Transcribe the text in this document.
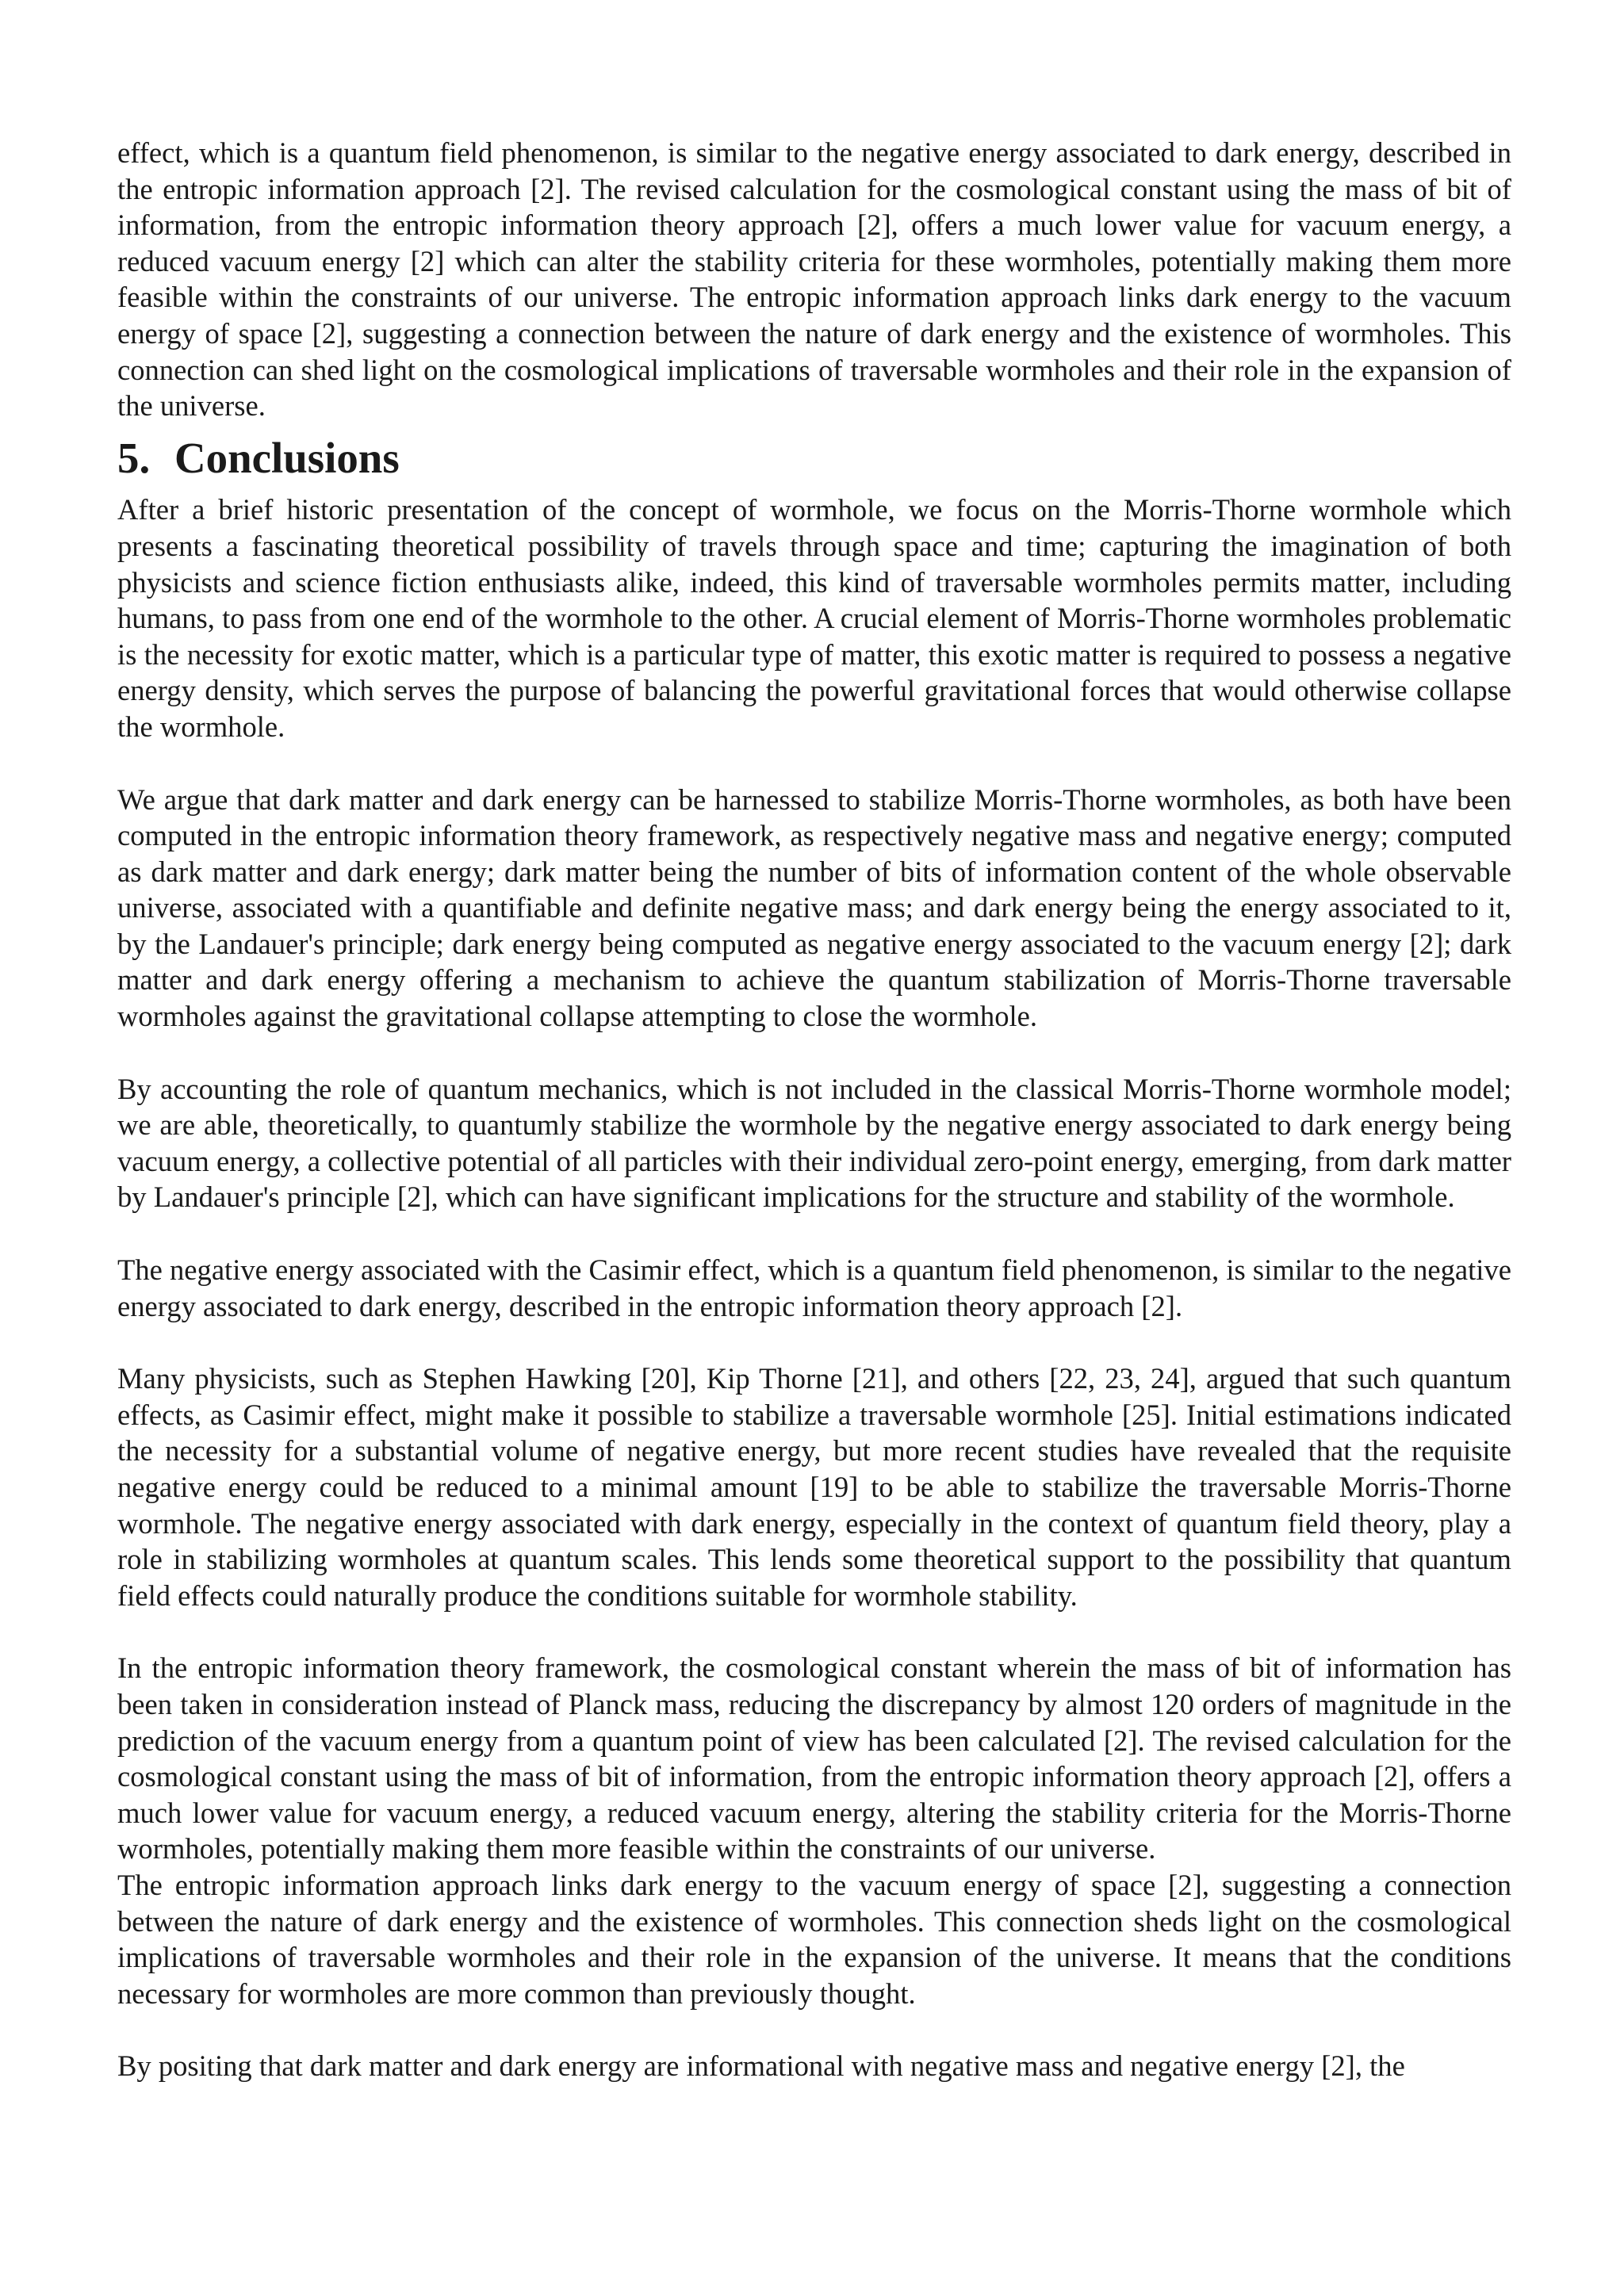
effect, which is a quantum field phenomenon, is similar to the negative energy associated to dark energy, described in the entropic information approach [2]. The revised calculation for the cosmological constant using the mass of bit of information, from the entropic information theory approach [2], offers a much lower value for vacuum energy, a reduced vacuum energy [2] which can alter the stability criteria for these wormholes, potentially making them more feasible within the constraints of our universe. The entropic information approach links dark energy to the vacuum energy of space [2], suggesting a connection between the nature of dark energy and the existence of wormholes. This connection can shed light on the cosmological implications of traversable wormholes and their role in the expansion of the universe.

5. Conclusions

After a brief historic presentation of the concept of wormhole, we focus on the Morris-Thorne wormhole which presents a fascinating theoretical possibility of travels through space and time; capturing the imagination of both physicists and science fiction enthusiasts alike, indeed, this kind of traversable wormholes permits matter, including humans, to pass from one end of the wormhole to the other. A crucial element of Morris-Thorne wormholes problematic is the necessity for exotic matter, which is a particular type of matter, this exotic matter is required to possess a negative energy density, which serves the purpose of balancing the powerful gravitational forces that would otherwise collapse the wormhole.

We argue that dark matter and dark energy can be harnessed to stabilize Morris-Thorne wormholes, as both have been computed in the entropic information theory framework, as respectively negative mass and negative energy; computed as dark matter and dark energy; dark matter being the number of bits of information content of the whole observable universe, associated with a quantifiable and definite negative mass; and dark energy being the energy associated to it, by the Landauer's principle; dark energy being computed as negative energy associated to the vacuum energy [2]; dark matter and dark energy offering a mechanism to achieve the quantum stabilization of Morris-Thorne traversable wormholes against the gravitational collapse attempting to close the wormhole.

By accounting the role of quantum mechanics, which is not included in the classical Morris-Thorne wormhole model; we are able, theoretically, to quantumly stabilize the wormhole by the negative energy associated to dark energy being vacuum energy, a collective potential of all particles with their individual zero-point energy, emerging, from dark matter by Landauer's principle [2], which can have significant implications for the structure and stability of the wormhole.

The negative energy associated with the Casimir effect, which is a quantum field phenomenon, is similar to the negative energy associated to dark energy, described in the entropic information theory approach [2].

Many physicists, such as Stephen Hawking [20], Kip Thorne [21], and others [22, 23, 24], argued that such quantum effects, as Casimir effect, might make it possible to stabilize a traversable wormhole [25]. Initial estimations indicated the necessity for a substantial volume of negative energy, but more recent studies have revealed that the requisite negative energy could be reduced to a minimal amount [19] to be able to stabilize the traversable Morris-Thorne wormhole. The negative energy associated with dark energy, especially in the context of quantum field theory, play a role in stabilizing wormholes at quantum scales. This lends some theoretical support to the possibility that quantum field effects could naturally produce the conditions suitable for wormhole stability.

In the entropic information theory framework, the cosmological constant wherein the mass of bit of information has been taken in consideration instead of Planck mass, reducing the discrepancy by almost 120 orders of magnitude in the prediction of the vacuum energy from a quantum point of view has been calculated [2]. The revised calculation for the cosmological constant using the mass of bit of information, from the entropic information theory approach [2], offers a much lower value for vacuum energy, a reduced vacuum energy, altering the stability criteria for the Morris-Thorne wormholes, potentially making them more feasible within the constraints of our universe.

The entropic information approach links dark energy to the vacuum energy of space [2], suggesting a connection between the nature of dark energy and the existence of wormholes. This connection sheds light on the cosmological implications of traversable wormholes and their role in the expansion of the universe. It means that the conditions necessary for wormholes are more common than previously thought.

By positing that dark matter and dark energy are informational with negative mass and negative energy [2], the
